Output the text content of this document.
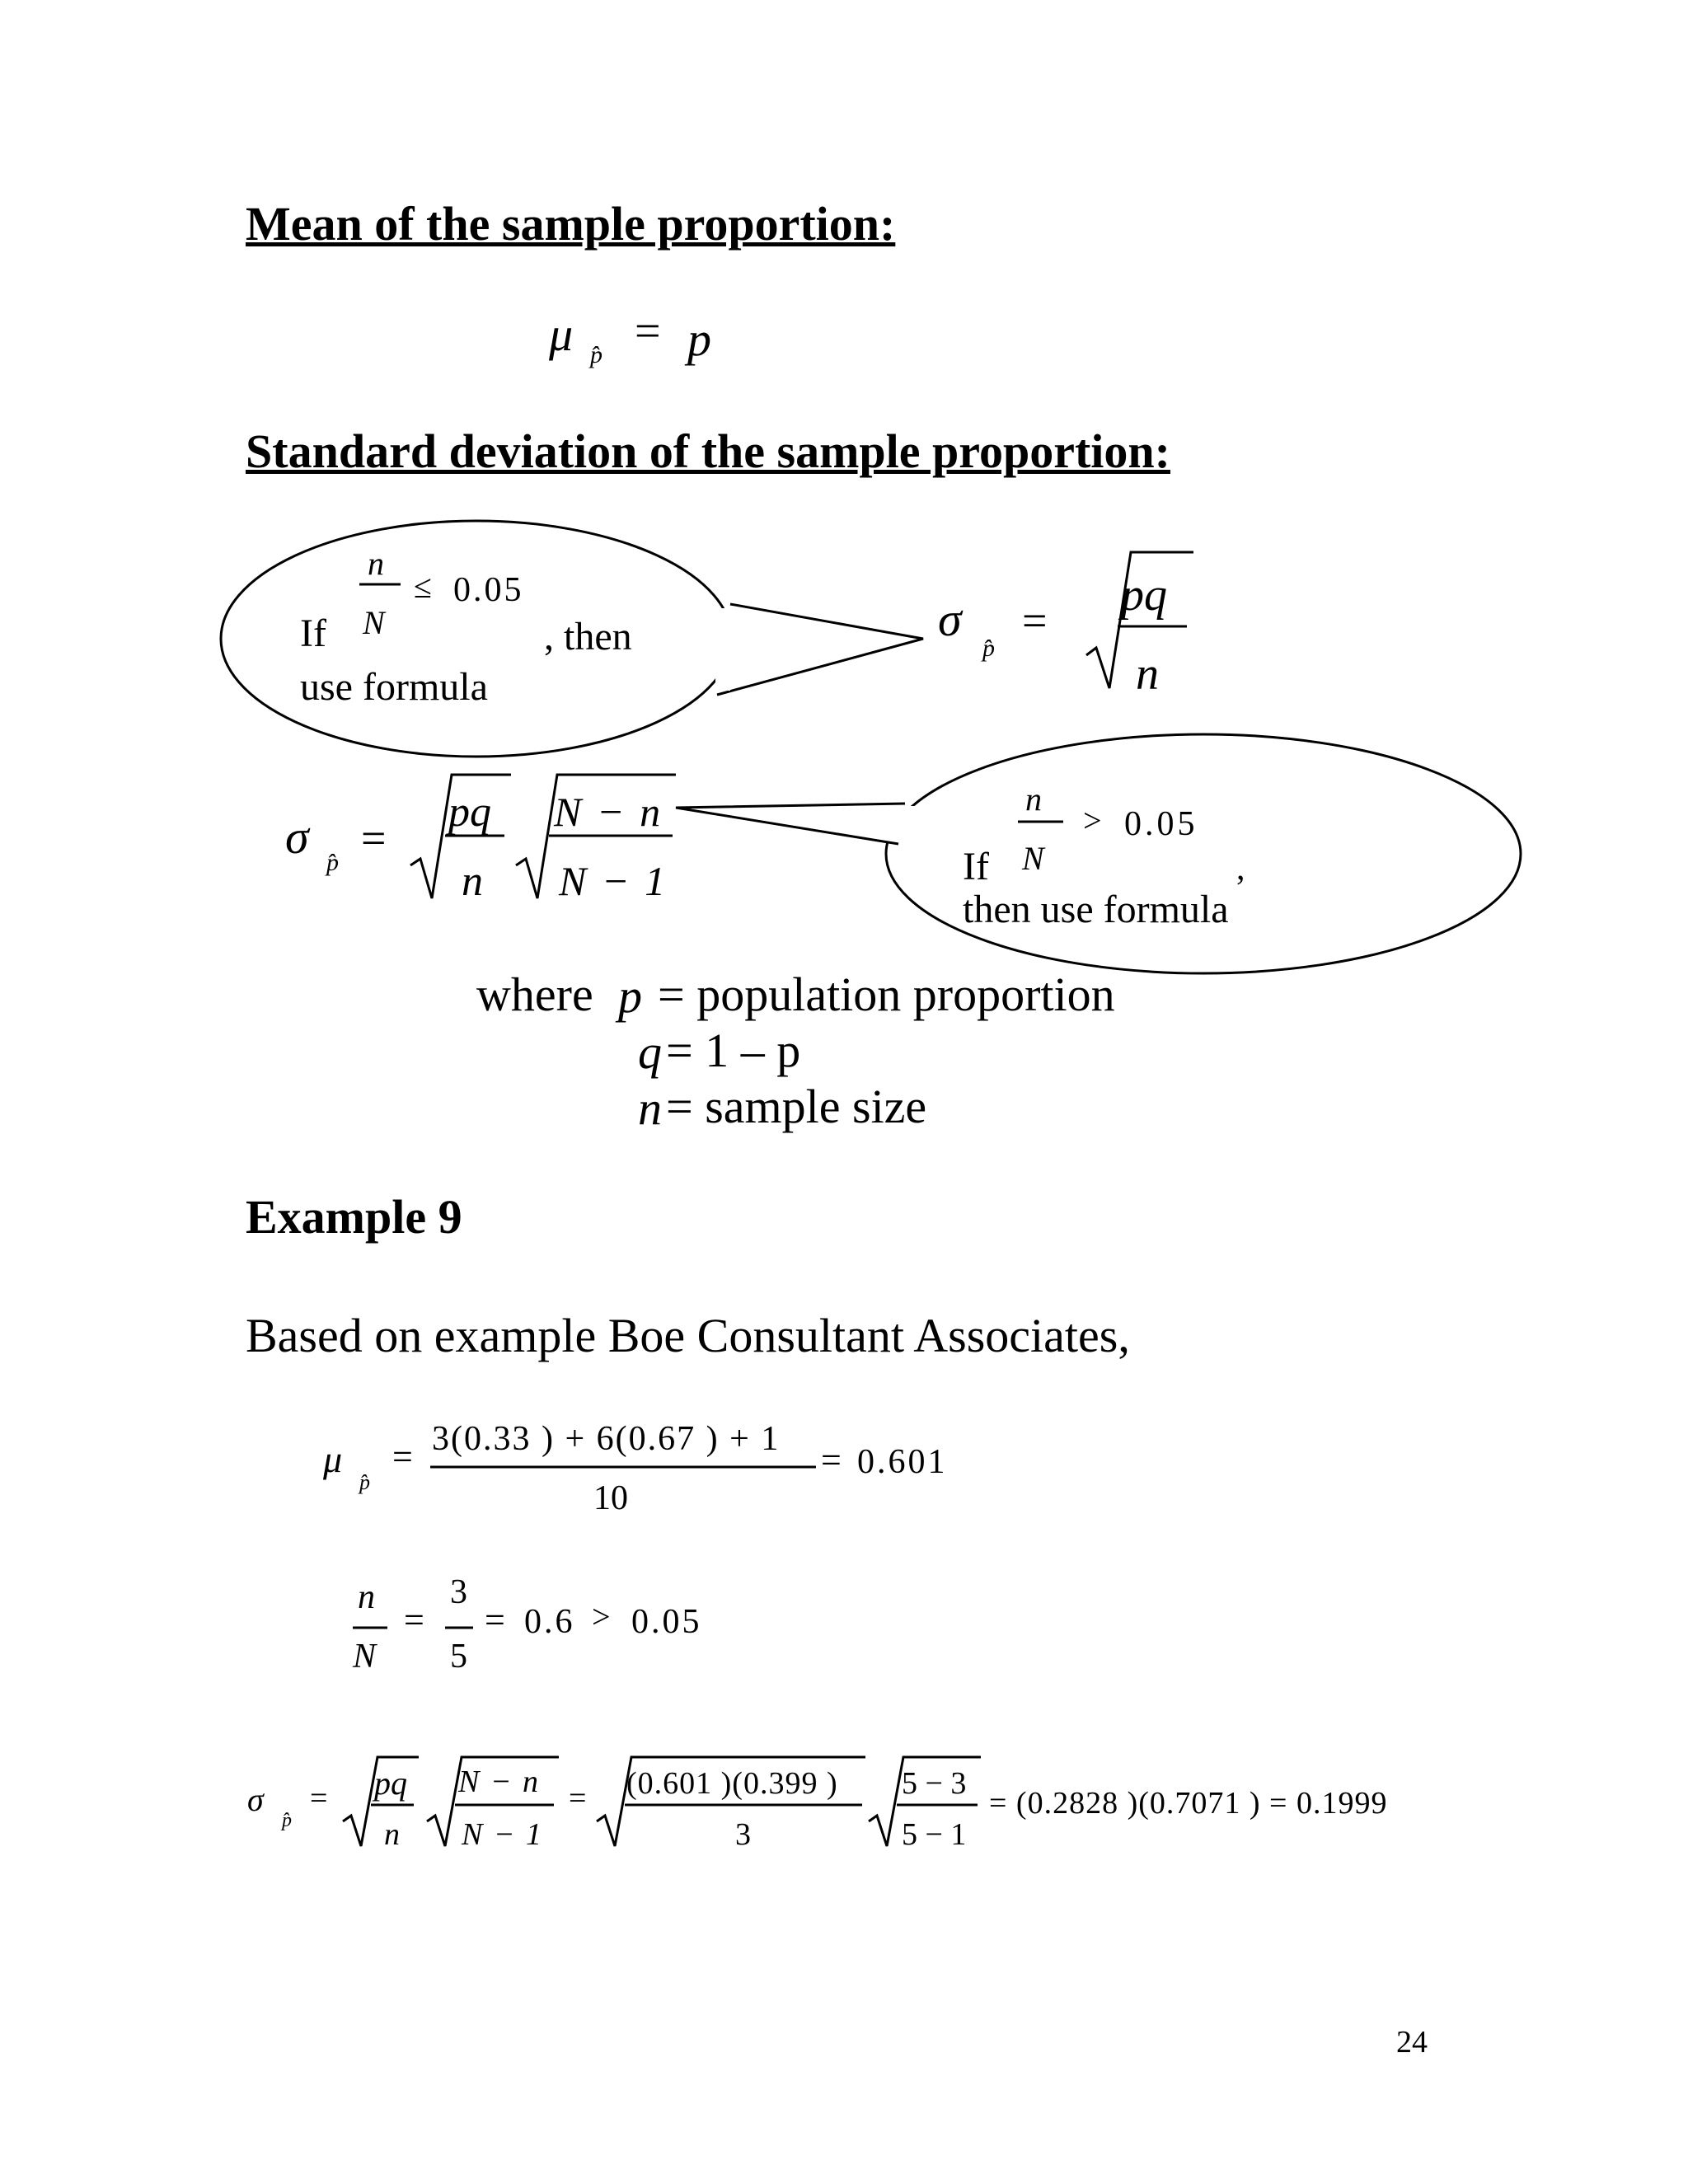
Mean of the sample proportion:
Standard deviation of the sample proportion:
Example 9
μ p̂ = p
n
N
≤ 0.05
If	, then
use formula
σ
p̂
= pq
n
σ p̂ =
pq
n
N − n
N − 1
n
N
> 0.05
If	,
then use formula
where p = population proportion
q = 1 – p
n = sample size
Based on example Boe Consultant Associates,
μ
p̂
= 3(0.33 ) + 6(0.67 ) + 1
10
= 0.601
n
N
=
3
5
= 0.6 > 0.05
σ
p̂
= pq
n
N − n
N − 1
= (0.601 )(0.399 )
3
5 − 3
5 − 1
= (0.2828 )(0.7071 ) = 0.1999
24
